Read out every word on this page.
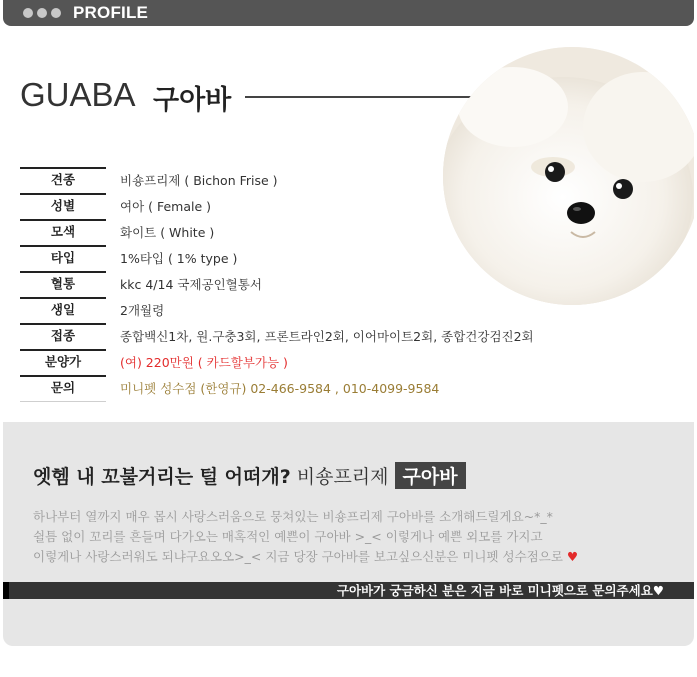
PROFILE
GUABA 구아바
견종	비숑프리제 ( Bichon Frise )
성별	여아 ( Female )
모색	화이트 ( White )
타입	1%타입 ( 1% type )
혈통	kkc 4/14 국제공인혈통서
생일	2개월령
접종	종합백신1차, 원.구충3회, 프론트라인2회, 이어마이트2회, 종합건강검진2회
분양가	(여) 220만원 ( 카드할부가능 )
문의	미니펫 성수점 (한영규) 02-466-9584 , 010-4099-9584
엣헴 내 꼬불거리는 털 어떠개? 비숑프리제 구아바
하나부터 열까지 매우 몹시 사랑스러움으로 뭉쳐있는 비숑프리제 구아바를 소개해드릴게요~*_*
쉴틈 없이 꼬리를 흔들며 다가오는 매혹적인 예쁜이 구아바 >_< 이렇게나 예쁜 외모를 가지고
이렇게나 사랑스러워도 되냐구요오오>_< 지금 당장 구아바를 보고싶으신분은 미니펫 성수점으로 ♥
구아바가 궁금하신 분은 지금 바로 미니펫으로 문의주세요♥
